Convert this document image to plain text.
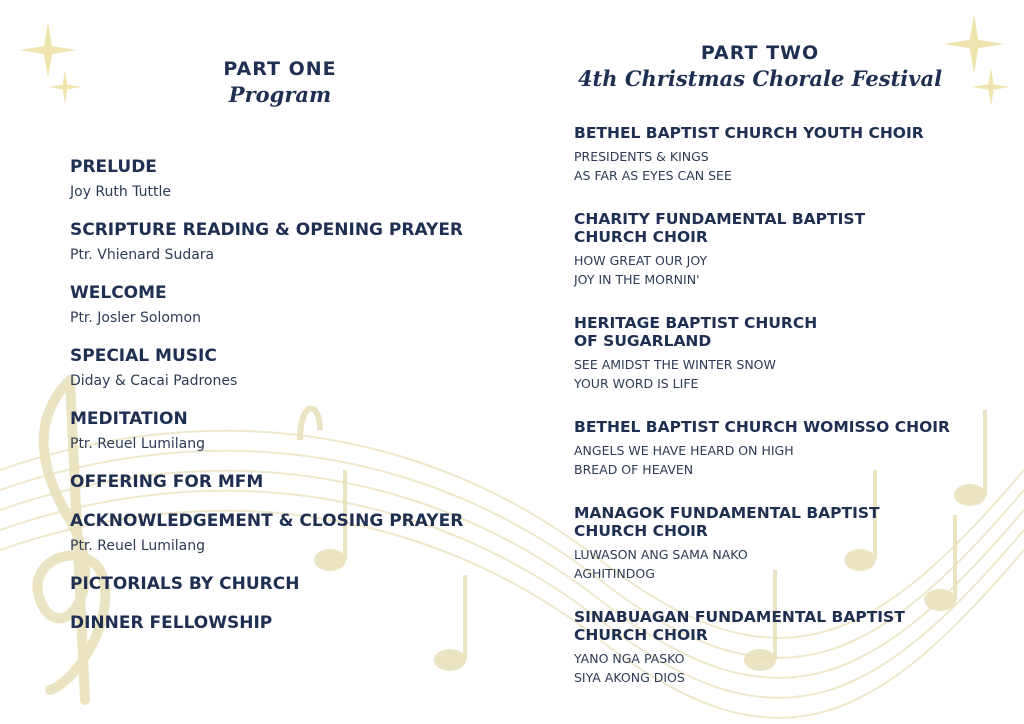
PART ONE
Program
PART TWO
4th Christmas Chorale Festival
PRELUDE
Joy Ruth Tuttle
SCRIPTURE READING & OPENING PRAYER
Ptr. Vhienard Sudara
WELCOME
Ptr. Josler Solomon
SPECIAL MUSIC
Diday & Cacai Padrones
MEDITATION
Ptr. Reuel Lumilang
OFFERING FOR MFM
ACKNOWLEDGEMENT & CLOSING PRAYER
Ptr. Reuel Lumilang
PICTORIALS BY CHURCH
DINNER FELLOWSHIP
BETHEL BAPTIST CHURCH YOUTH CHOIR
PRESIDENTS & KINGS
AS FAR AS EYES CAN SEE
CHARITY FUNDAMENTAL BAPTIST
CHURCH CHOIR
HOW GREAT OUR JOY
JOY IN THE MORNIN'
HERITAGE BAPTIST CHURCH
OF SUGARLAND
SEE AMIDST THE WINTER SNOW
YOUR WORD IS LIFE
BETHEL BAPTIST CHURCH WOMISSO CHOIR
ANGELS WE HAVE HEARD ON HIGH
BREAD OF HEAVEN
MANAGOK FUNDAMENTAL BAPTIST
CHURCH CHOIR
LUWASON ANG SAMA NAKO
AGHITINDOG
SINABUAGAN FUNDAMENTAL BAPTIST
CHURCH CHOIR
YANO NGA PASKO
SIYA AKONG DIOS
